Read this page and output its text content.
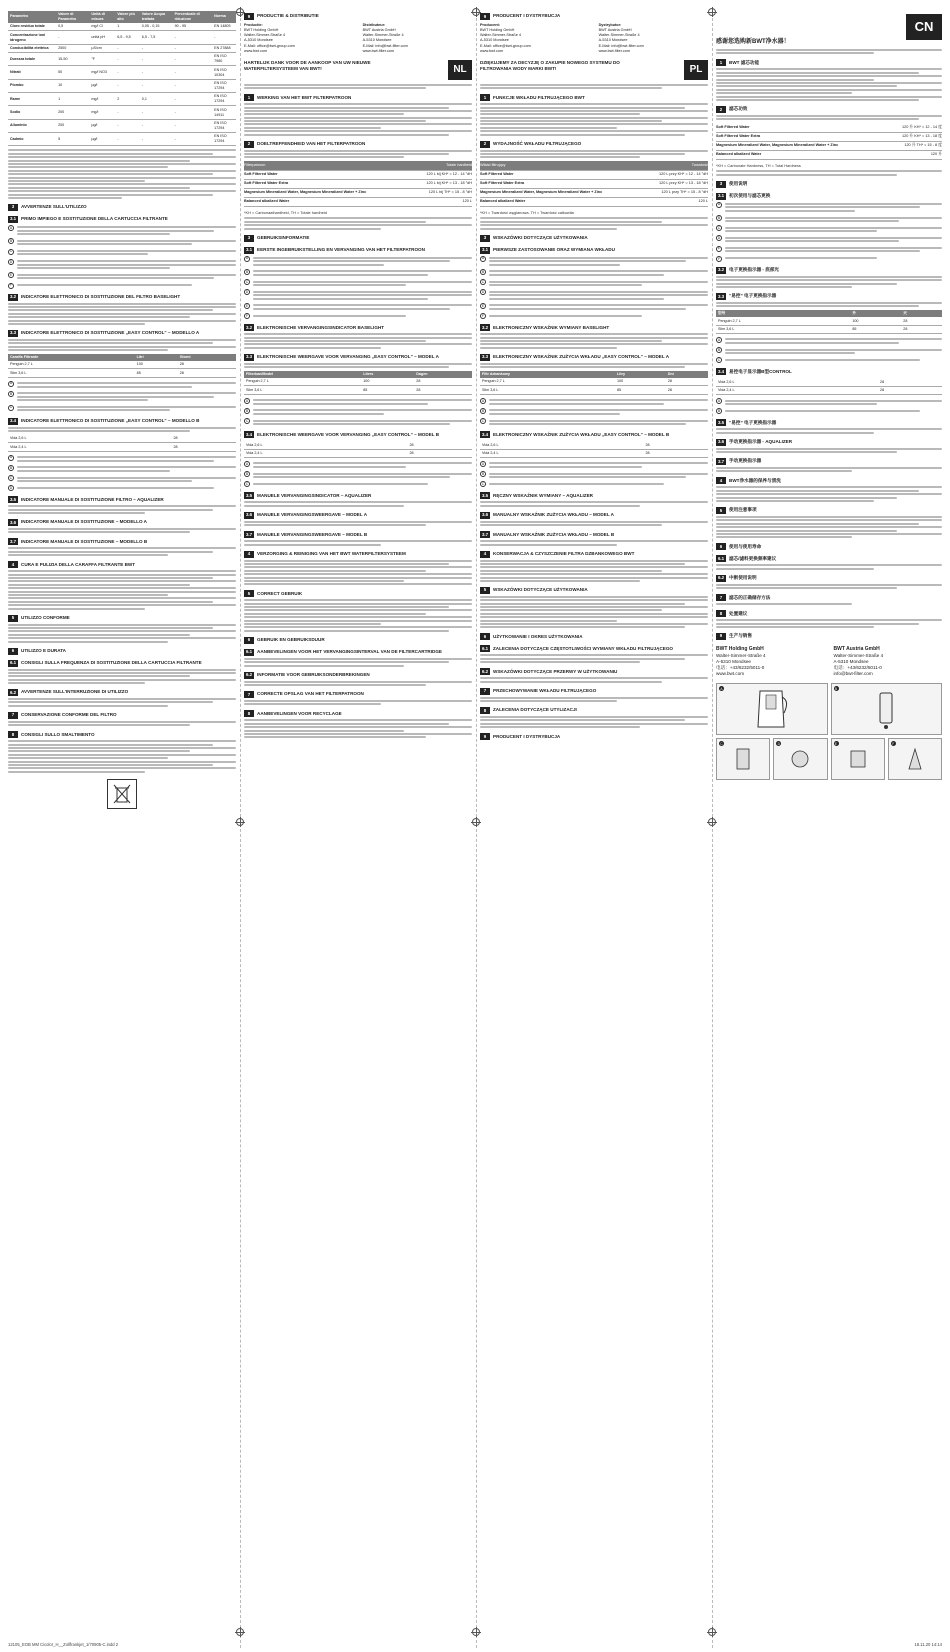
Parametro	Valore di Parametro	Unità di misura	Valore più alto	Valore Acqua trattata	Percentuale di riduzione	Norma
Cloro residuo totale	0,5	mg/l Cl	1	0,05 - 0,15	90 - 95	EN 14805
Concentrazione ioni idrogeno	-	unità pH	6,5 - 9,5	6,5 - 7,5	-	-
Conducibilità elettrica	2500	µS/cm	-	-	-	EN 27888
Durezza totale	15-50	°F	-	-	-	EN ISO 7980
Nitrati	50	mg/l NO3	-	-	-	EN ISO 10304
Piombo	10	µg/l	-	-	-	EN ISO 17294
Rame	1	mg/l	2	0,1	-	EN ISO 17294
Sodio	200	mg/l	-	-	-	EN ISO 14911
Alluminio	200	µg/l	-	-	-	EN ISO 17294
Cadmio	5	µg/l	-	-	-	EN ISO 17294
3	AVVERTENZE SULL'UTILIZZO
3.1	PRIMO IMPIEGO E SOSTITUZIONE DELLA CARTUCCIA FILTRANTE
A
B
C
D
E
F
3.2	INDICATORE ELETTRONICO DI SOSTITUZIONE DEL FILTRO BASELIGHT
3.3	INDICATORE ELETTRONICO DI SOSTITUZIONE „EASY CONTROL“ – MODELLO A
Caraffa Filtrante	Litri	Giorni
Penguin 2,7 L	100	28
Slim 3,6 L	85	28
A
B
C
3.4	INDICATORE ELETTRONICO DI SOSTITUZIONE „EASY CONTROL“ – MODELLO B
Vida 2,6 L	28
Vida 2,4 L	28
A
B
C
D
3.5	INDICATORE MANUALE DI SOSTITUZIONE FILTRO – AQUALIZER
3.6	INDICATORE MANUALE DI SOSTITUZIONE – MODELLO A
3.7	INDICATORE MANUALE DI SOSTITUZIONE – MODELLO B
4	CURA E PULIZIA DELLA CARAFFA FILTRANTE BWT
5	UTILIZZO CONFORME
6	UTILIZZO E DURATA
6.1	CONSIGLI SULLA FREQUENZA DI SOSTITUZIONE DELLA CARTUCCIA FILTRANTE
6.2	AVVERTENZE SULL'INTERRUZIONE DI UTILIZZO
7	CONSERVAZIONE CONFORME DEL FILTRO
8	CONSIGLI SULLO SMALTIMENTO
9	PRODUCTIE & DISTRIBUTIE
Productie:
BWT Holding GmbH
Walter-Simmer-Straße 4
A-5310 Mondsee
E-Mail: office@bwt-group.com
www.bwt.com
Distributeur:
BWT Austria GmbH
Walter-Simmer-Straße 4
A-5310 Mondsee
E-Mail: info@bwt-filter.com
www.bwt-filter.com
HARTELIJK DANK VOOR DE AANKOOP VAN UW NIEUWE WATERFILTERSYSTEEM VAN BWT!	NL
1	WERKING VAN HET BWT FILTERPATROON
2	DOELTREFFENDHEID VAN HET FILTERPATROON
Filterpatroon	Totale hardheid
Soft Filtered Water	120 L bij KH* = 12 - 14 °dH
Soft Filtered Water Extra	120 L bij KH* = 13 - 18 °dH
Magnesium Mineralized Water, Magnesium Mineralized Water + Zinc	120 L bij TH* = 15 - 8 °dH
Balanced alkalized Water	120 L
*KH = Carbonaathardheid, TH = Totale hardheid
3	GEBRUIKSINFORMATIE
3.1	EERSTE INGEBRUIKSTELLING EN VERVANGING VAN HET FILTERPATROON
A
B
C
D
E
F
3.2	ELEKTRONISCHE VERVANGINGSINDICATOR BASELIGHT
3.3	ELEKTRONISCHE WEERGAVE VOOR VERVANGING „EASY CONTROL“ – MODEL A
Filterkan/Model	Liters	Dagen
Penguin 2,7 L	100	28
Slim 3,6 L	85	28
A
B
C
3.4	ELEKTRONISCHE WEERGAVE VOOR VERVANGING „EASY CONTROL“ – MODEL B
Vida 2,6 L	28
Vida 2,4 L	28
A
B
C
3.5	MANUELE VERVANGINGSINDICATOR – AQUALIZER
3.6	MANUELE VERVANGINGSWEERGAVE – MODEL A
3.7	MANUELE VERVANGINGSWEERGAVE – MODEL B
4	VERZORGING & REINIGING VAN HET BWT WATERFILTERSYSTEEM
5	CORRECT GEBRUIK
6	GEBRUIK EN GEBRUIKSDUUR
6.1	AANBEVELINGEN VOOR HET VERVANGINGSINTERVAL VAN DE FILTERCARTRIDGE
6.2	INFORMATIE VOOR GEBRUIKSONDERBREKINGEN
7	CORRECTE OPSLAG VAN HET FILTERPATROON
8	AANBEVELINGEN VOOR RECYCLAGE
9	PRODUCENT I DYSTRYBUCJA
Producent:
BWT Holding GmbH
Walter-Simmer-Straße 4
A-5310 Mondsee
E-Mail: office@bwt-group.com
www.bwt.com
Dystrybutor:
BWT Austria GmbH
Walter-Simmer-Straße 4
A-5310 Mondsee
E-Mail: info@bwt-filter.com
www.bwt-filter.com
DZIĘKUJEMY ZA DECYZJĘ O ZAKUPIE NOWEGO SYSTEMU DO FILTROWANIA WODY MARKI BWT!	PL
1	FUNKCJE WKŁADU FILTRUJĄCEGO BWT
2	WYDAJNOŚĆ WKŁADU FILTRUJĄCEGO
Wkład filtrujący	Twardość
Soft Filtered Water	120 L przy KH* = 12 - 14 °dH
Soft Filtered Water Extra	120 L przy KH* = 13 - 18 °dH
Magnesium Mineralized Water, Magnesium Mineralized Water + Zinc	120 L przy TH* = 15 - 8 °dH
Balanced alkalized Water	120 L
*KH = Twardość węglanowa, TH = Twardość całkowita
3	WSKAZÓWKI DOTYCZĄCE UŻYTKOWANIA
3.1	PIERWSZE ZASTOSOWANIE ORAZ WYMIANA WKŁADU
A
B
C
D
E
F
3.2	ELEKTRONICZNY WSKAŹNIK WYMIANY BASELIGHT
3.3	ELEKTRONICZNY WSKAŹNIK ZUŻYCIA WKŁADU „EASY CONTROL“ – MODEL A
Filtr dzbankowy	Litry	Dni
Penguin 2,7 L	100	28
Slim 3,6 L	85	28
A
B
C
3.4	ELEKTRONICZNY WSKAŹNIK ZUŻYCIA WKŁADU „EASY CONTROL“ – MODEL B
Vida 2,6 L	28
Vida 2,4 L	28
A
B
C
3.5	RĘCZNY WSKAŹNIK WYMIANY – AQUALIZER
3.6	MANUALNY WSKAŹNIK ZUŻYCIA WKŁADU – MODEL A
3.7	MANUALNY WSKAŹNIK ZUŻYCIA WKŁADU – MODEL B
4	KONSERWACJA & CZYSZCZENIE FILTRA DZBANKOWEGO BWT
5	WSKAZÓWKI DOTYCZĄCE UŻYTKOWANIA
6	UŻYTKOWANIE I OKRES UŻYTKOWANIA
6.1	ZALECENIA DOTYCZĄCE CZĘSTOTLIWOŚCI WYMIANY WKŁADU FILTRUJĄCEGO
6.2	WSKAZÓWKI DOTYCZĄCE PRZERWY W UŻYTKOWANIU
7	PRZECHOWYWANIE WKŁADU FILTRUJĄCEGO
8	ZALECENIA DOTYCZĄCE UTYLIZACJI
9	PRODUCENT I DYSTRYBUCJA
CN
感谢您选购新BWT净水器！
1	BWT 滤芯功能
2	滤芯功效
Soft Filtered Water	120 升 KH* = 12 - 14 度
Soft Filtered Water Extra	120 升 KH* = 13 - 18 度
Magnesium Mineralized Water, Magnesium Mineralized Water + Zinc	120 升 TH* = 15 - 8 度
Balanced alkalized Water	120 升
*KH = Carbonate Hardness, TH = Total Hardness
3	使用说明
3.1	初次使用与滤芯更换
A
B
C
D
E
F
3.2	电子更换指示器 - 底部光
3.3	“易控” 电子更换指示器
型号	升	天
Penguin 2,7 L	100	28
Slim 3,6 L	85	28
A
B
C
3.4	易控电子显示器B型CONTROL
Vida 2,6 L	28
Vida 2,4 L	28
A
B
3.5	“易控” 电子更换指示器
3.6	手动更换指示器 - AQUALIZER
3.7	手动更换指示器
4	BWT净水器的保养与清洗
5	使用注意事项
6	使用与使用寿命
6.1	滤芯/滤料更换频率建议
6.2	中断使用说明
7	滤芯的正确储存方法
8	处置建议
9	生产与销售
BWT Holding GmbH
Walter-Simmer-Straße 4
A-5310 Mondsee
电话：+43/6232/5011-0
www.bwt.com
BWT Austria GmbH
Walter-Simmer-Straße 4
A-5310 Mondsee
电话：+43/6232/5011-0
info@bwt-filter.com
A	B
C	D	E	F
12105_EOB MM Cicolor_H__Zollfrankjet_1/70905-C.indd 2	18.11.20 14:14
